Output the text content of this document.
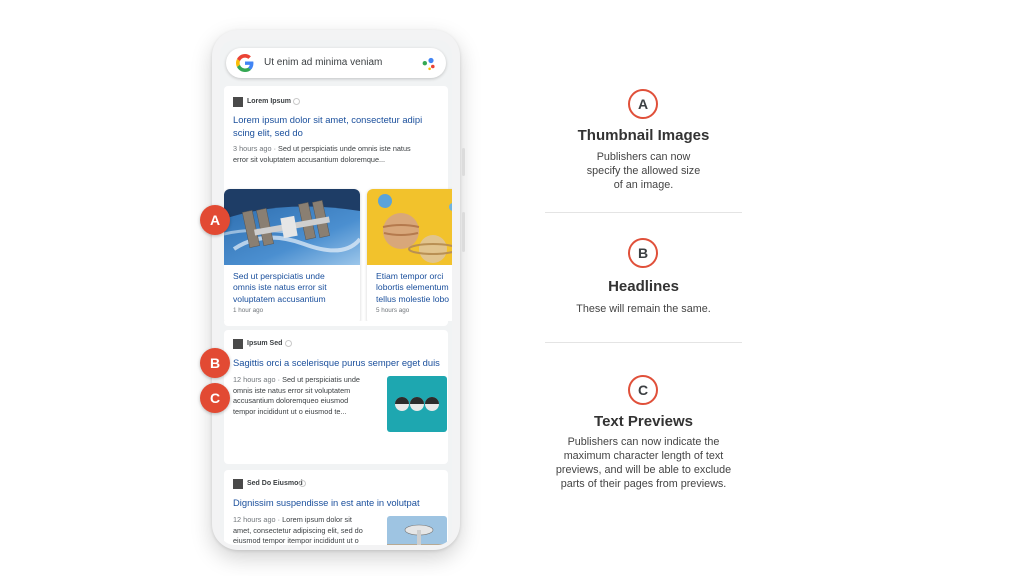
Ut enim ad minima veniam
Lorem Ipsum
Lorem ipsum dolor sit amet, consectetur adipi
scing elit, sed do
3 hours ago · Sed ut perspiciatis unde omnis iste natus
error sit voluptatem accusantium doloremque...
Sed ut perspiciatis unde
omnis iste natus error sit
voluptatem accusantium
1 hour ago
Etiam tempor orci
lobortis elementum
tellus molestie lobo
5 hours ago
Ipsum Sed
Sagittis orci a scelerisque purus semper eget duis
12 hours ago · Sed ut perspiciatis unde
omnis iste natus error sit voluptatem
accusantium doloremqueo eiusmod
tempor incididunt ut o eiusmod te...
Sed Do Eiusmod
Dignissim suspendisse in est ante in volutpat
12 hours ago · Lorem ipsum dolor sit
amet, consectetur adipiscing elit, sed do
eiusmod tempor itempor incididunt ut o
A
B
C
A
Thumbnail Images
Publishers can now
specify the allowed size
of an image.
B
Headlines
These will remain the same.
C
Text Previews
Publishers can now indicate the
maximum character length of text
previews, and will be able to exclude
parts of their pages from previews.
